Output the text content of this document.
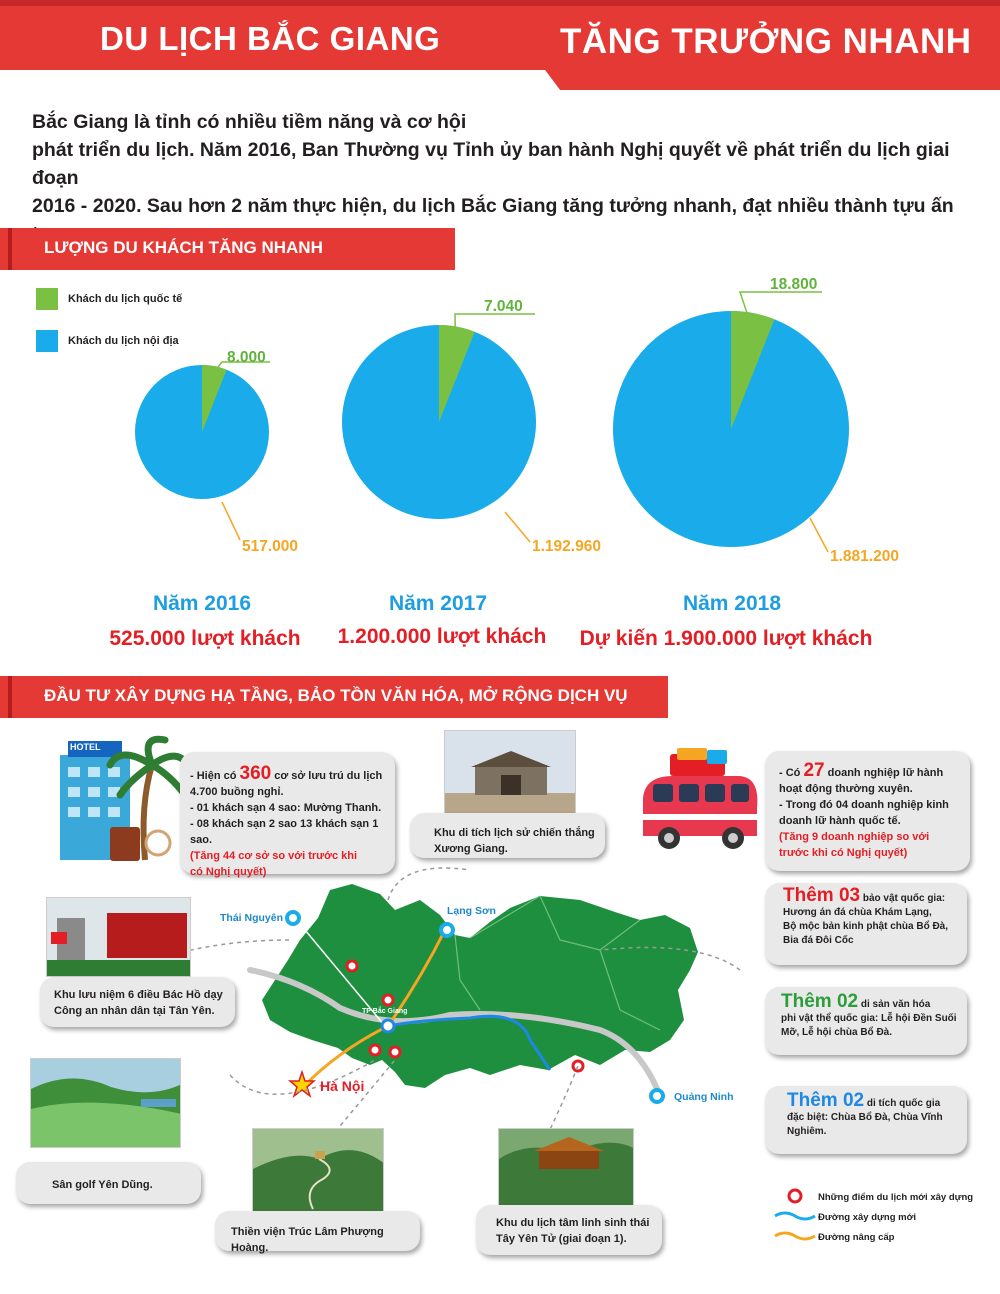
DU LỊCH BẮC GIANG	TĂNG TRƯỞNG NHANH
Bắc Giang là tỉnh có nhiều tiềm năng và cơ hội
phát triển du lịch. Năm 2016, Ban Thường vụ Tỉnh ủy ban hành Nghị quyết về phát triển du lịch giai đoạn
2016 - 2020. Sau hơn 2 năm thực hiện, du lịch Bắc Giang tăng tưởng nhanh, đạt nhiều thành tựu ấn
LƯỢNG DU KHÁCH TĂNG NHANH
Khách du lịch quốc tế
Khách du lịch nội địa
8.000
517.000
7.040
1.192.960
18.800
1.881.200
Năm 2016
525.000 lượt khách
Năm 2017
1.200.000 lượt khách
Năm 2018
Dự kiến 1.900.000 lượt khách
ĐẦU TƯ XÂY DỰNG HẠ TẦNG, BẢO TỒN VĂN HÓA, MỞ RỘNG DỊCH VỤ
Thái Nguyên
Lạng Sơn
TP Bắc Giang
Hà Nội
Quảng Ninh
HOTEL
- Hiện có 360 cơ sở lưu trú du lịch
4.700 buồng nghỉ.
- 01 khách sạn 4 sao: Mường Thanh.
- 08 khách sạn 2 sao 13 khách sạn 1 sao.
(Tăng 44 cơ sở so với trước khi
có Nghị quyết)
Khu di tích lịch sử chiến thắng Xương Giang.
- Có 27 doanh nghiệp lữ hành
hoạt động thường xuyên.
- Trong đó 04 doanh nghiệp kinh
doanh lữ hành quốc tế.
(Tăng 9 doanh nghiệp so với
trước khi có Nghị quyết)
Thêm 03 bảo vật quốc gia:
Hương án đá chùa Khám Lạng,
Bộ mộc bản kinh phật chùa Bổ Đà,
Bia đá Đôi Cốc
Thêm 02 di sản văn hóa
phi vật thể quốc gia: Lễ hội Đền Suối
Mỡ, Lễ hội chùa Bổ Đà.
Thêm 02 di tích quốc gia
đặc biệt: Chùa Bổ Đà, Chùa Vĩnh
Nghiêm.
Khu lưu niệm 6 điều Bác Hồ dạy Công an nhân dân tại Tân Yên.
Sân golf Yên Dũng.
Thiền viện Trúc Lâm Phượng Hoàng.
Khu du lịch tâm linh sinh thái Tây Yên Tử (giai đoạn 1).
Những điểm du lịch mới xây dựng
Đường xây dựng mới
Đường nâng cấp
